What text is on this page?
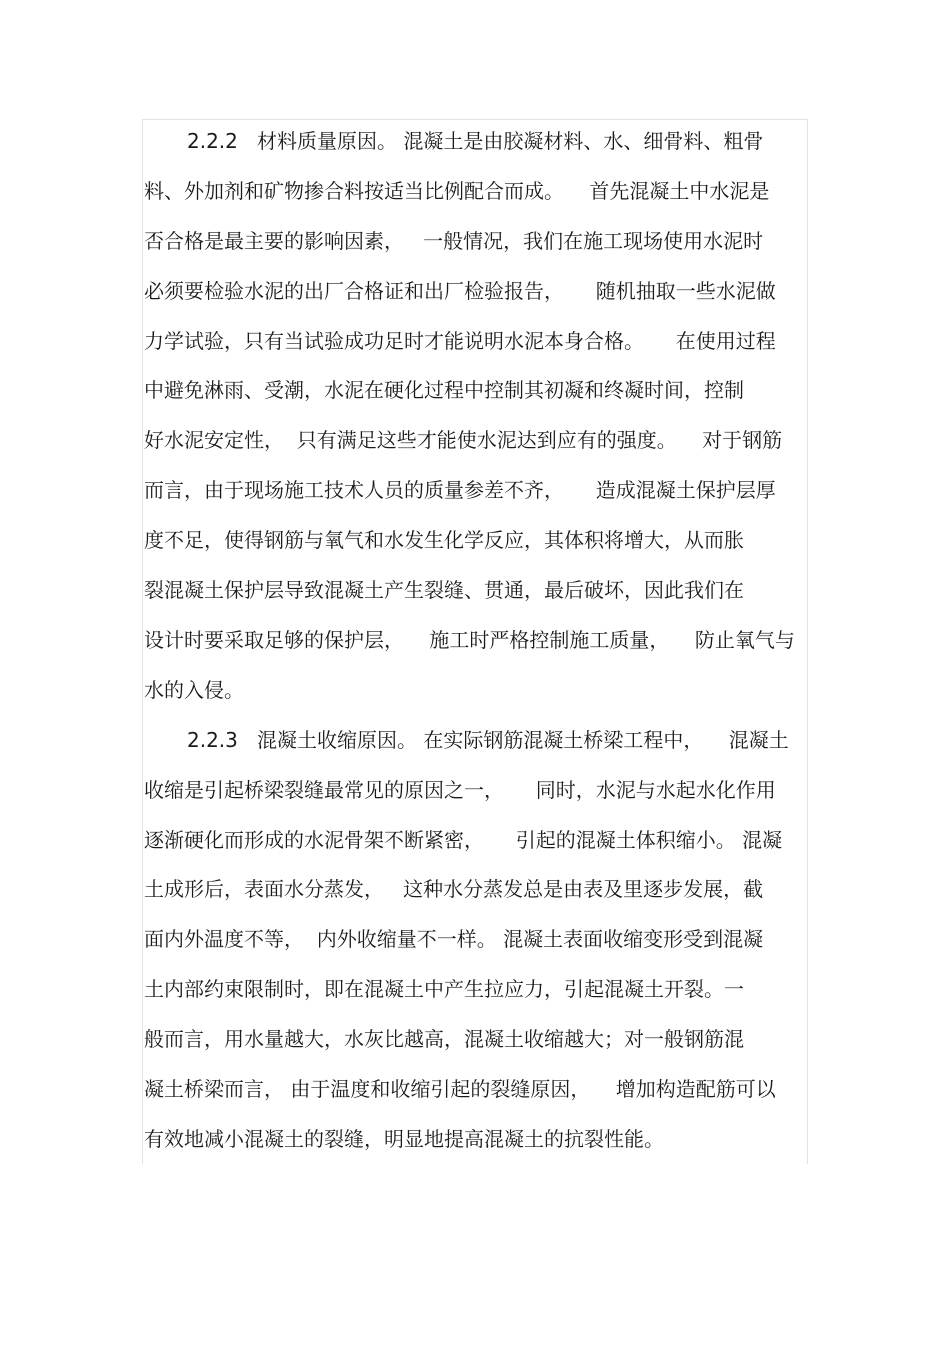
2.2.2   材料质量原因。 混凝土是由胶凝材料、水、细骨料、粗骨
料、外加剂和矿物掺合料按适当比例配合而成。    首先混凝土中水泥是
否合格是最主要的影响因素，   一般情况，我们在施工现场使用水泥时
必须要检验水泥的出厂合格证和出厂检验报告，     随机抽取一些水泥做
力学试验，只有当试验成功足时才能说明水泥本身合格。     在使用过程
中避免淋雨、受潮，水泥在硬化过程中控制其初凝和终凝时间，控制
好水泥安定性，  只有满足这些才能使水泥达到应有的强度。    对于钢筋
而言，由于现场施工技术人员的质量参差不齐，     造成混凝土保护层厚
度不足，使得钢筋与氧气和水发生化学反应，其体积将增大，从而胀
裂混凝土保护层导致混凝土产生裂缝、贯通，最后破坏，因此我们在
设计时要采取足够的保护层，    施工时严格控制施工质量，    防止氧气与
水的入侵。
2.2.3   混凝土收缩原因。 在实际钢筋混凝土桥梁工程中，    混凝土
收缩是引起桥梁裂缝最常见的原因之一，     同时，水泥与水起水化作用
逐渐硬化而形成的水泥骨架不断紧密，     引起的混凝土体积缩小。 混凝
土成形后，表面水分蒸发，   这种水分蒸发总是由表及里逐步发展，截
面内外温度不等，  内外收缩量不一样。 混凝土表面收缩变形受到混凝
土内部约束限制时，即在混凝土中产生拉应力，引起混凝土开裂。一
般而言，用水量越大，水灰比越高，混凝土收缩越大；对一般钢筋混
凝土桥梁而言， 由于温度和收缩引起的裂缝原因，    增加构造配筋可以
有效地减小混凝土的裂缝，明显地提高混凝土的抗裂性能。
